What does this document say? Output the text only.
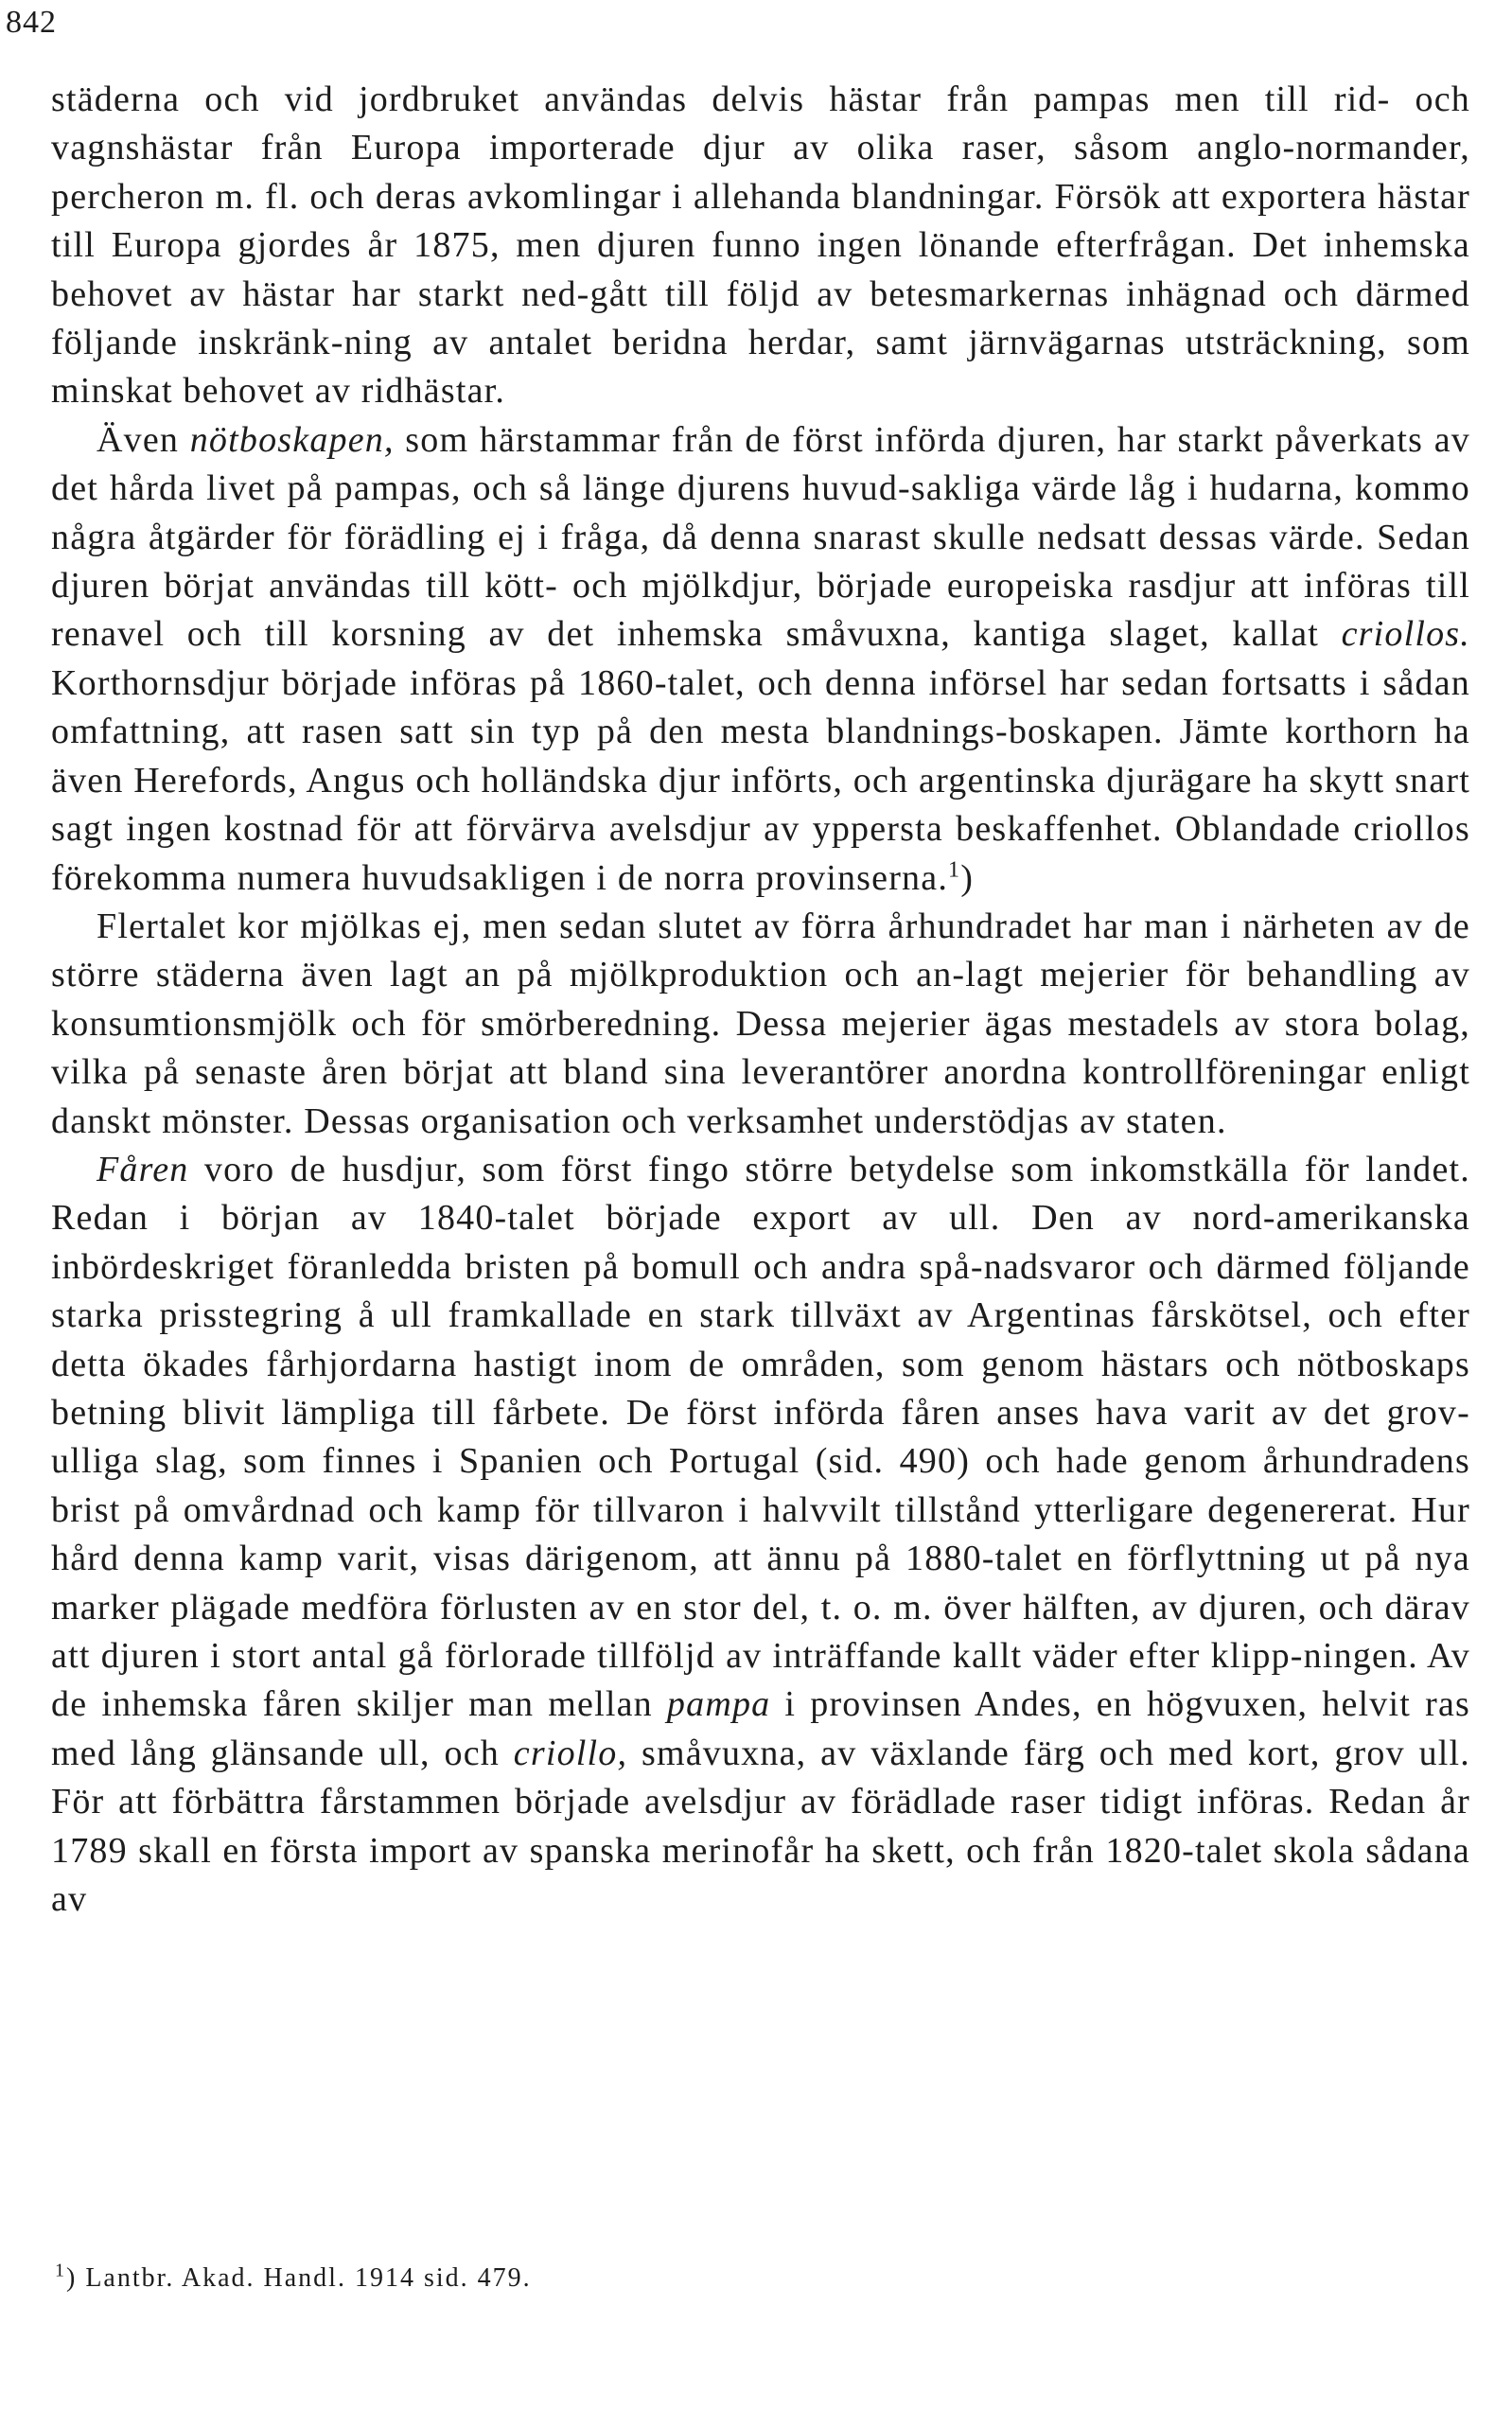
842

städerna och vid jordbruket användas delvis hästar från pampas men till rid- och vagnshästar från Europa importerade djur av olika raser, såsom anglo-normander, percheron m. fl. och deras avkomlingar i allehanda blandningar. Försök att exportera hästar till Europa gjordes år 1875, men djuren funno ingen lönande efterfrågan. Det inhemska behovet av hästar har starkt ned-gått till följd av betesmarkernas inhägnad och därmed följande inskränk-ning av antalet beridna herdar, samt järnvägarnas utsträckning, som minskat behovet av ridhästar.

Även nötboskapen, som härstammar från de först införda djuren, har starkt påverkats av det hårda livet på pampas, och så länge djurens huvud-sakliga värde låg i hudarna, kommo några åtgärder för förädling ej i fråga, då denna snarast skulle nedsatt dessas värde. Sedan djuren börjat användas till kött- och mjölkdjur, började europeiska rasdjur att införas till renavel och till korsning av det inhemska småvuxna, kantiga slaget, kallat criollos. Korthornsdjur började införas på 1860-talet, och denna införsel har sedan fortsatts i sådan omfattning, att rasen satt sin typ på den mesta blandnings-boskapen. Jämte korthorn ha även Herefords, Angus och holländska djur införts, och argentinska djurägare ha skytt snart sagt ingen kostnad för att förvärva avelsdjur av yppersta beskaffenhet. Oblandade criollos förekomma numera huvudsakligen i de norra provinserna.$^1$)

Flertalet kor mjölkas ej, men sedan slutet av förra århundradet har man i närheten av de större städerna även lagt an på mjölkproduktion och an-lagt mejerier för behandling av konsumtionsmjölk och för smörberedning. Dessa mejerier ägas mestadels av stora bolag, vilka på senaste åren börjat att bland sina leverantörer anordna kontrollföreningar enligt danskt mönster. Dessas organisation och verksamhet understödjas av staten.

Fåren voro de husdjur, som först fingo större betydelse som inkomstkälla för landet. Redan i början av 1840-talet började export av ull. Den av nord-amerikanska inbördeskriget föranledda bristen på bomull och andra spå-nadsvaror och därmed följande starka prisstegring å ull framkallade en stark tillväxt av Argentinas fårskötsel, och efter detta ökades fårhjordarna hastigt inom de områden, som genom hästars och nötboskaps betning blivit lämpliga till fårbete. De först införda fåren anses hava varit av det grov-ulliga slag, som finnes i Spanien och Portugal (sid. 490) och hade genom århundradens brist på omvårdnad och kamp för tillvaron i halvvilt tillstånd ytterligare degenererat. Hur hård denna kamp varit, visas därigenom, att ännu på 1880-talet en förflyttning ut på nya marker plägade medföra förlusten av en stor del, t. o. m. över hälften, av djuren, och därav att djuren i stort antal gå förlorade tillföljd av inträffande kallt väder efter klipp-ningen. Av de inhemska fåren skiljer man mellan pampa i provinsen Andes, en högvuxen, helvit ras med lång glänsande ull, och criollo, småvuxna, av växlande färg och med kort, grov ull. För att förbättra fårstammen började avelsdjur av förädlade raser tidigt införas. Redan år 1789 skall en första import av spanska merinofår ha skett, och från 1820-talet skola sådana av

$^1$) Lantbr. Akad. Handl. 1914 sid. 479.
